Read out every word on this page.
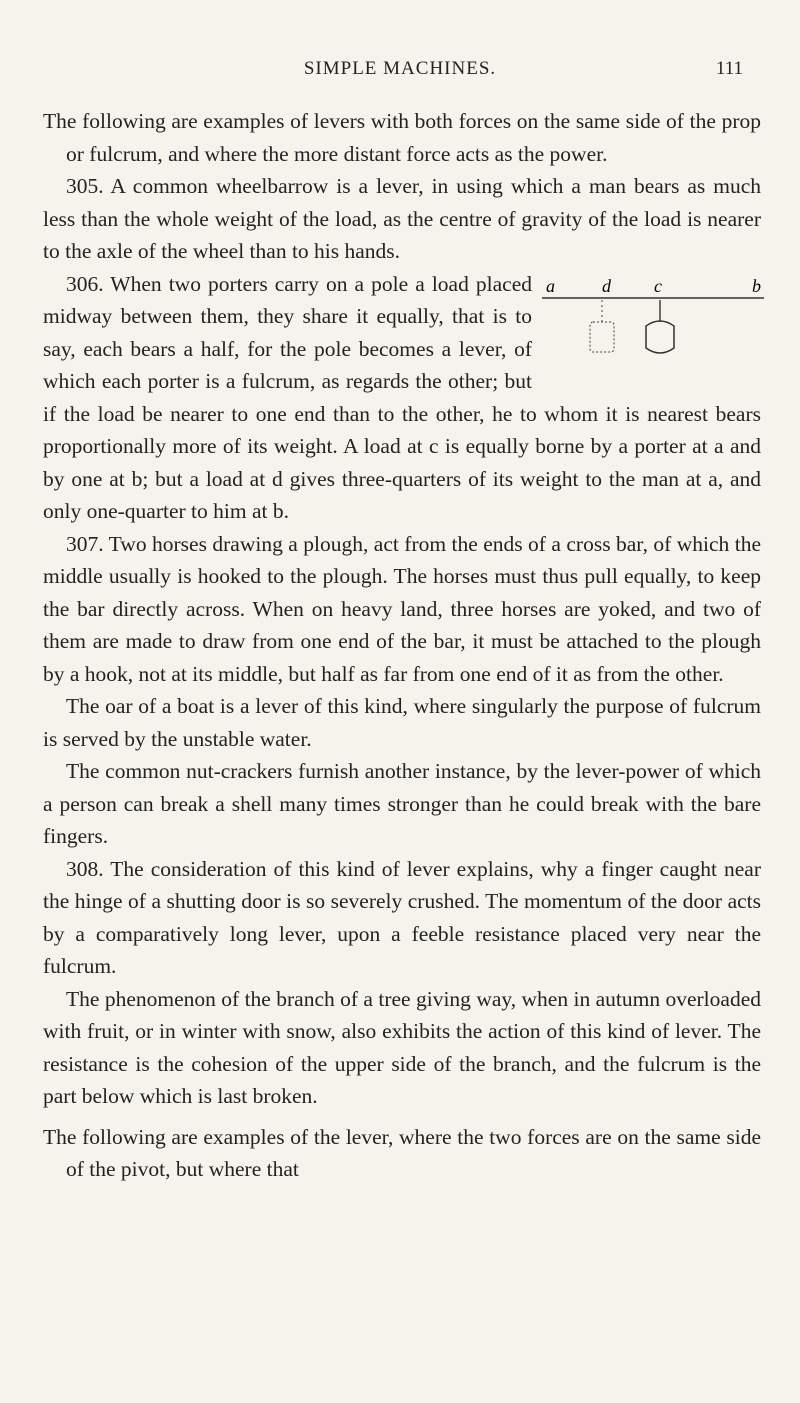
SIMPLE MACHINES.	111

The following are examples of levers with both forces on the same side of the prop or fulcrum, and where the more distant force acts as the power.

305. A common wheelbarrow is a lever, in using which a man bears as much less than the whole weight of the load, as the centre of gravity of the load is nearer to the axle of the wheel than to his hands.

a	d c	b
306. When two porters carry on a pole a load placed midway between them, they share it equally, that is to say, each bears a half, for the pole becomes a lever, of which each porter is a fulcrum, as regards the other; but if the load be nearer to one end than to the other, he to whom it is nearest bears proportionally more of its weight. A load at c is equally borne by a porter at a and by one at b; but a load at d gives three-quarters of its weight to the man at a, and only one-quarter to him at b.

307. Two horses drawing a plough, act from the ends of a cross bar, of which the middle usually is hooked to the plough. The horses must thus pull equally, to keep the bar directly across. When on heavy land, three horses are yoked, and two of them are made to draw from one end of the bar, it must be attached to the plough by a hook, not at its middle, but half as far from one end of it as from the other.

The oar of a boat is a lever of this kind, where singularly the purpose of fulcrum is served by the unstable water.

The common nut-crackers furnish another instance, by the lever-power of which a person can break a shell many times stronger than he could break with the bare fingers.

308. The consideration of this kind of lever explains, why a finger caught near the hinge of a shutting door is so severely crushed. The momentum of the door acts by a comparatively long lever, upon a feeble resistance placed very near the fulcrum.

The phenomenon of the branch of a tree giving way, when in autumn overloaded with fruit, or in winter with snow, also exhibits the action of this kind of lever. The resistance is the cohesion of the upper side of the branch, and the fulcrum is the part below which is last broken.

The following are examples of the lever, where the two forces are on the same side of the pivot, but where that
